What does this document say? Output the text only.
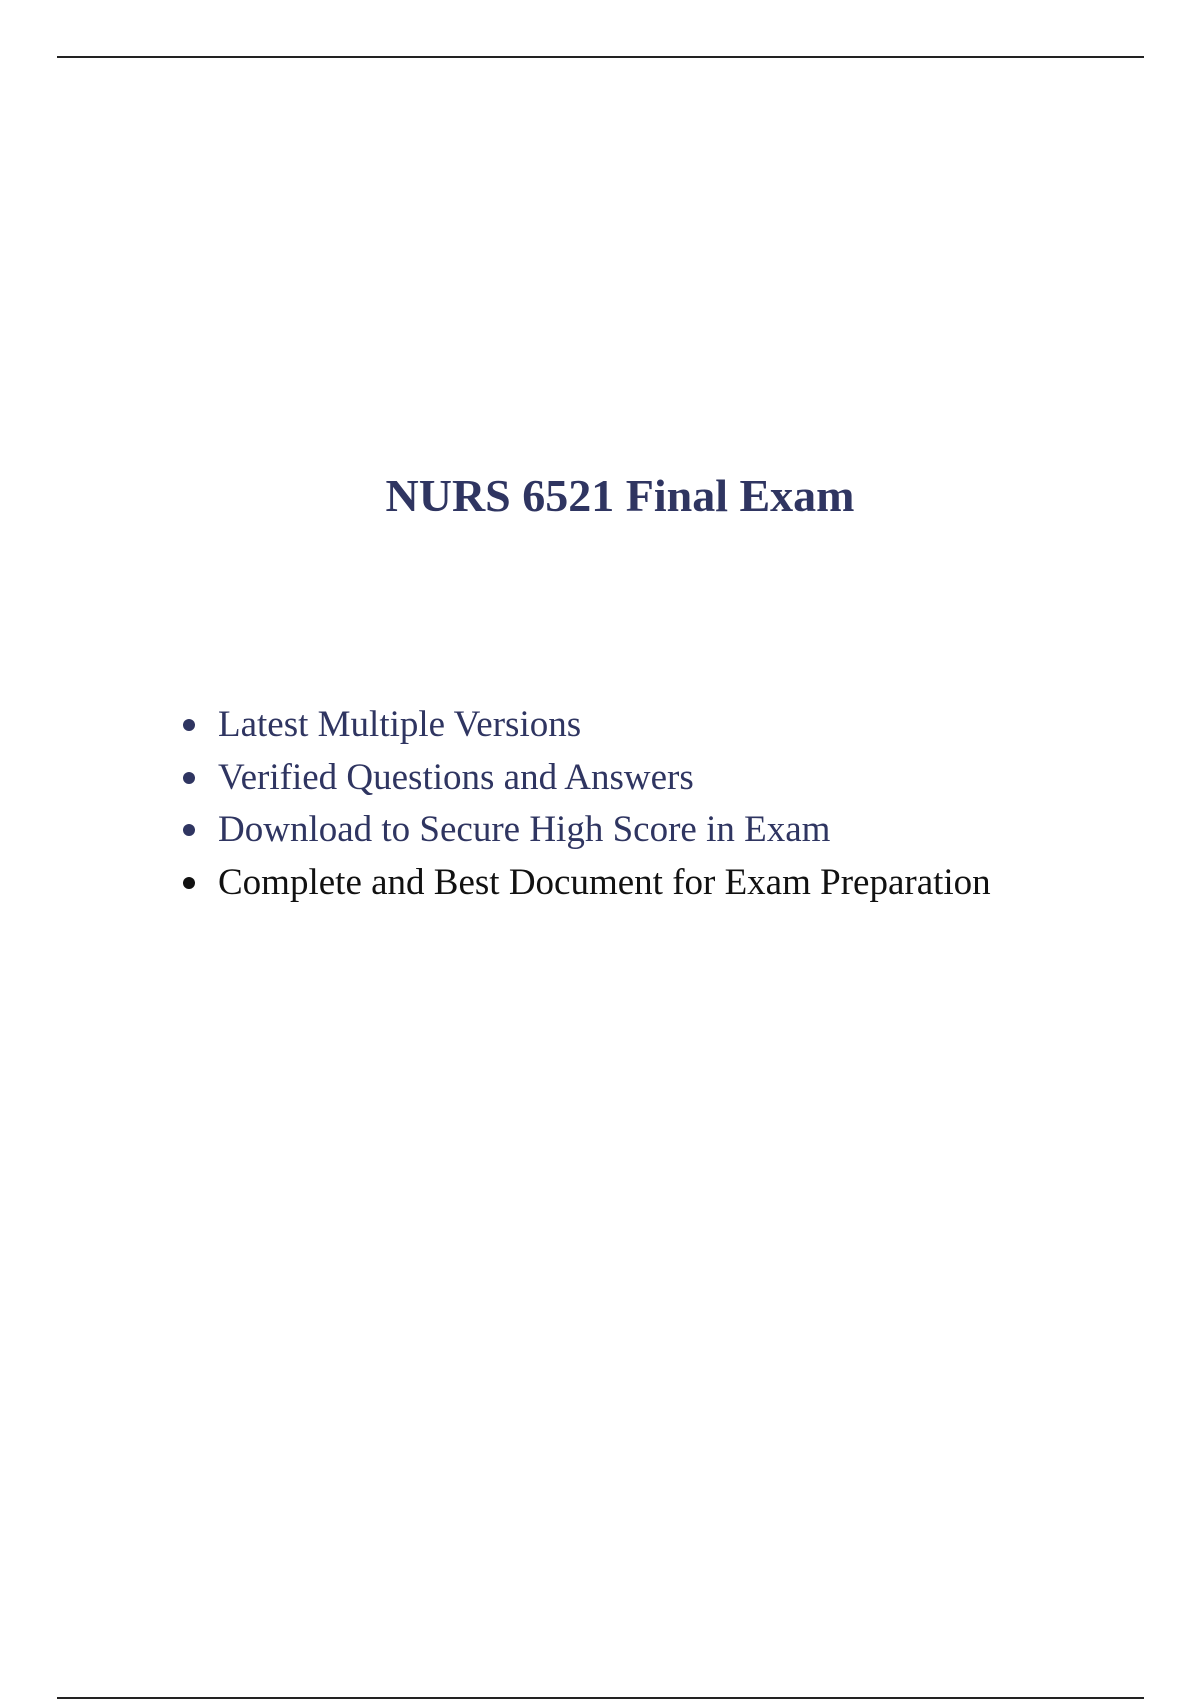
NURS 6521 Final Exam
Latest Multiple Versions
Verified Questions and Answers
Download to Secure High Score in Exam
Complete and Best Document for Exam Preparation
